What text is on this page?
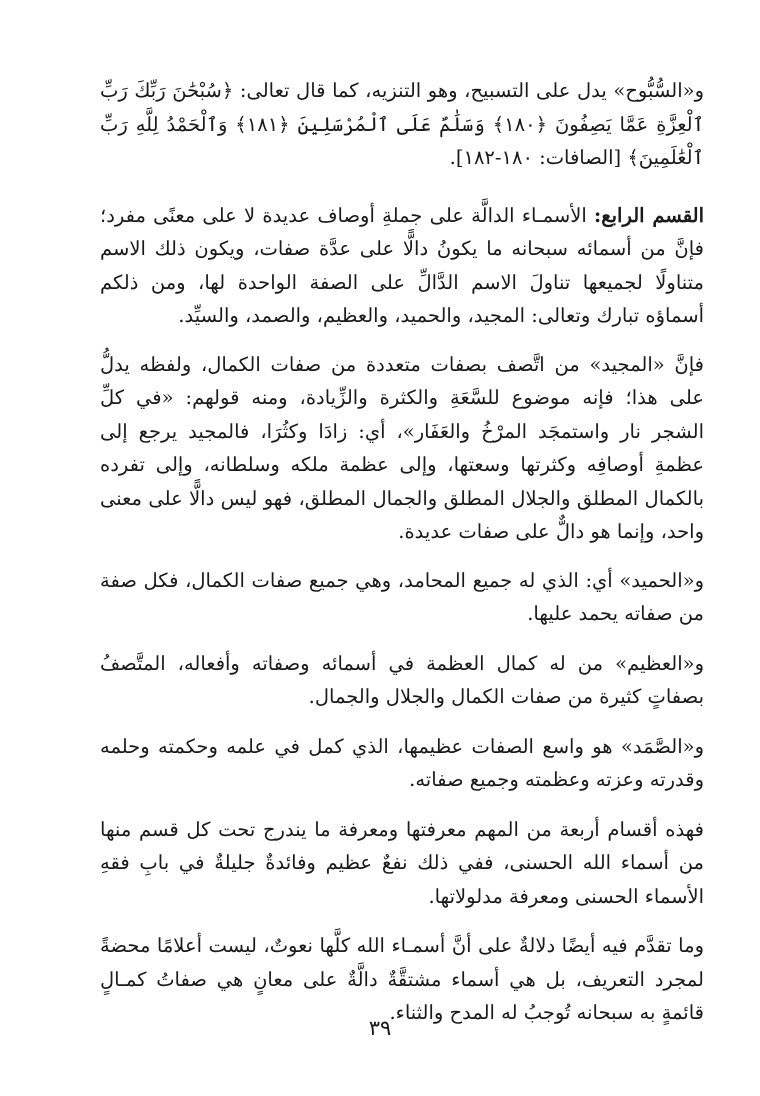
و«السُّبُّوح» يدل على التسبيح، وهو التنزيه، كما قال تعالى: ﴿سُبْحَٰنَ رَبِّكَ رَبِّ ٱلْعِزَّةِ عَمَّا يَصِفُونَ ﴿١٨٠﴾ وَسَلَٰمٌ عَلَى ٱلْمُرْسَلِينَ ﴿١٨١﴾ وَٱلْحَمْدُ لِلَّهِ رَبِّ ٱلْعَٰلَمِينَ﴾ [الصافات: ١٨٠-١٨٢].

القسم الرابع: الأسمـاء الدالَّة على جملةِ أوصاف عديدة لا على معنًى مفرد؛ فإنَّ من أسمائه سبحانه ما يكونُ دالًّا على عدَّة صفات، ويكون ذلك الاسم متناولًا لجميعها تناولَ الاسم الدَّالِّ على الصفة الواحدة لها، ومن ذلكم أسماؤه تبارك وتعالى: المجيد، والحميد، والعظيم، والصمد، والسيِّد.

فإنَّ «المجيد» من اتَّصف بصفات متعددة من صفات الكمال، ولفظه يدلُّ على هذا؛ فإنه موضوع للسَّعَةِ والكثرة والزِّيادة، ومنه قولهم: «في كلِّ الشجر نار واستمجَد المرْخُ والعَفَار»، أي: زادَا وكثُرَا، فالمجيد يرجع إلى عظمةِ أوصافِه وكثرتها وسعتها، وإلى عظمة ملكه وسلطانه، وإلى تفرده بالكمال المطلق والجلال المطلق والجمال المطلق، فهو ليس دالًّا على معنى واحد، وإنما هو دالٌّ على صفات عديدة.

و«الحميد» أي: الذي له جميع المحامد، وهي جميع صفات الكمال، فكل صفة من صفاته يحمد عليها.

و«العظيم» من له كمال العظمة في أسمائه وصفاته وأفعاله، المتَّصفُ بصفاتٍ كثيرة من صفات الكمال والجلال والجمال.

و«الصَّمَد» هو واسع الصفات عظيمها، الذي كمل في علمه وحكمته وحلمه وقدرته وعزته وعظمته وجميع صفاته.

فهذه أقسام أربعة من المهم معرفتها ومعرفة ما يندرج تحت كل قسم منها من أسماء الله الحسنى، ففي ذلك نفعٌ عظيم وفائدةٌ جليلةٌ في بابِ فقهِ الأسماء الحسنى ومعرفة مدلولاتها.

وما تقدَّم فيه أيضًا دلالةٌ على أنَّ أسمـاء الله كلَّها نعوتٌ، ليست أعلامًا محضةً لمجرد التعريف، بل هي أسماء مشتقَّةٌ دالَّةٌ على معانٍ هي صفاتُ كمـالٍ قائمةٍ به سبحانه تُوجبُ له المدح والثناء.

٣٩
